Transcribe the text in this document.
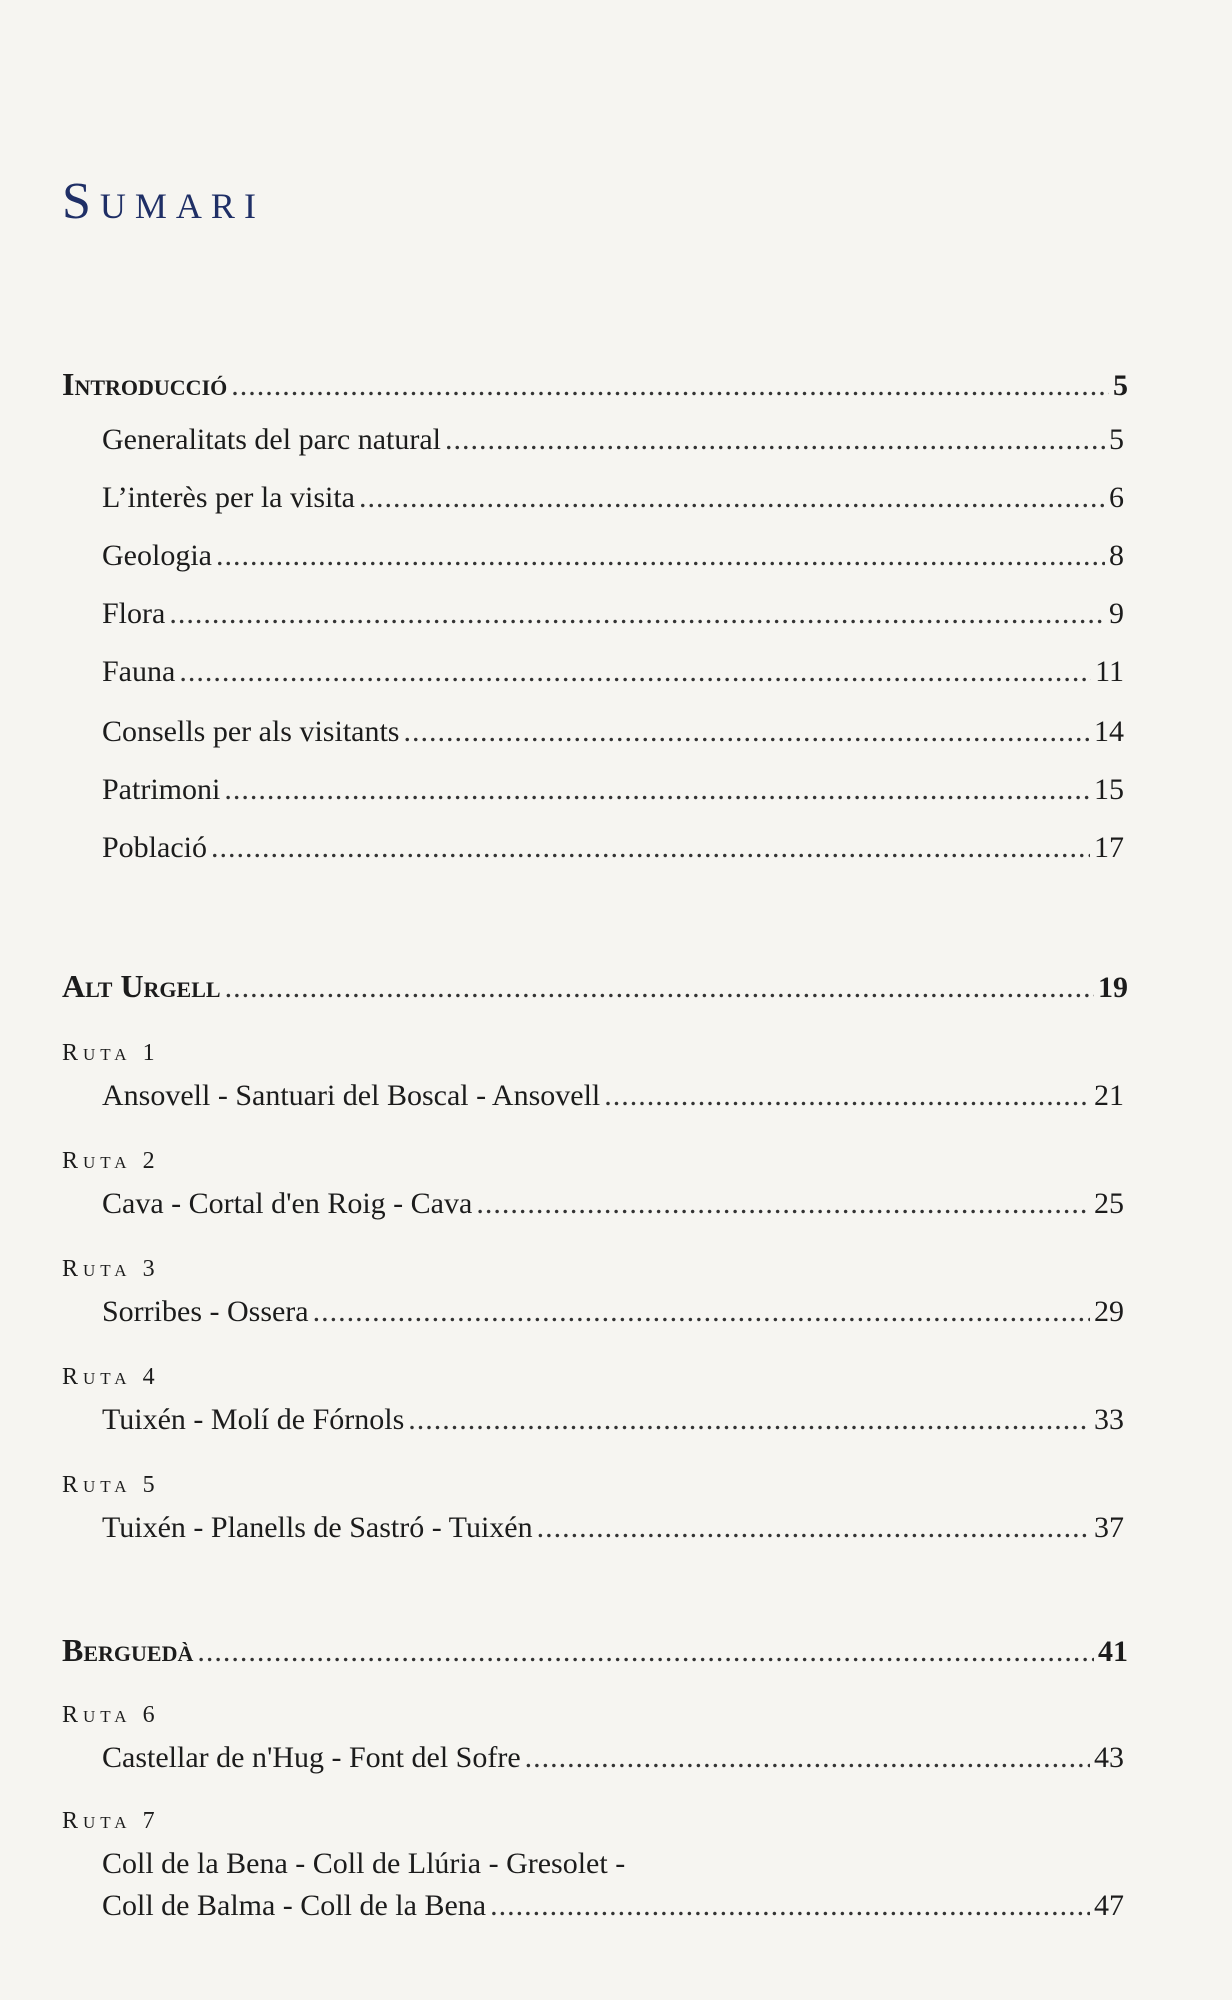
Sumari
Introducció .....	5
Generalitats del parc natural .....	5
L’interès per la visita .....	6
Geologia .....	8
Flora .....	9
Fauna .....	11
Consells per als visitants .....	14
Patrimoni .....	15
Població .....	17
Alt Urgell .....	19
Ruta 1
Ansovell - Santuari del Boscal - Ansovell .....	21
Ruta 2
Cava - Cortal d'en Roig - Cava .....	25
Ruta 3
Sorribes - Ossera .....	29
Ruta 4
Tuixén - Molí de Fórnols .....	33
Ruta 5
Tuixén - Planells de Sastró - Tuixén .....	37
Berguedà .....	41
Ruta 6
Castellar de n'Hug - Font del Sofre .....	43
Ruta 7
Coll de la Bena - Coll de Llúria - Gresolet -
Coll de Balma - Coll de la Bena .....	47
